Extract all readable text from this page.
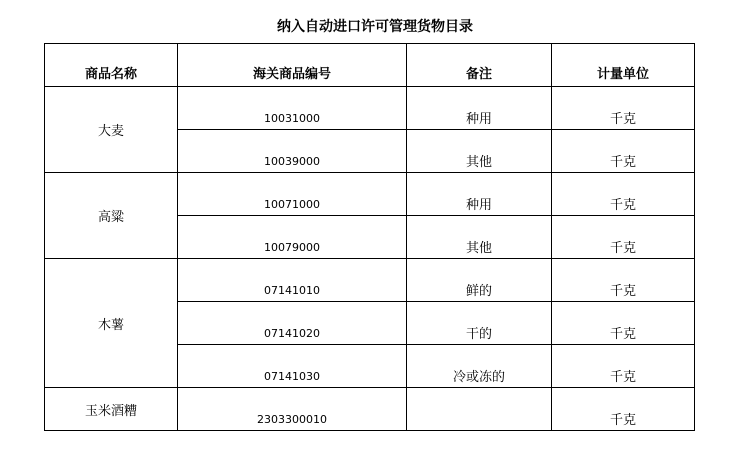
纳入自动进口许可管理货物目录
商品名称	海关商品编号	备注	计量单位
大麦	10031000	种用	千克
	10039000	其他	千克
高粱	10071000	种用	千克
	10079000	其他	千克
木薯	07141010	鲜的	千克
	07141020	干的	千克
	07141030	冷或冻的	千克
玉米酒糟	2303300010		千克
